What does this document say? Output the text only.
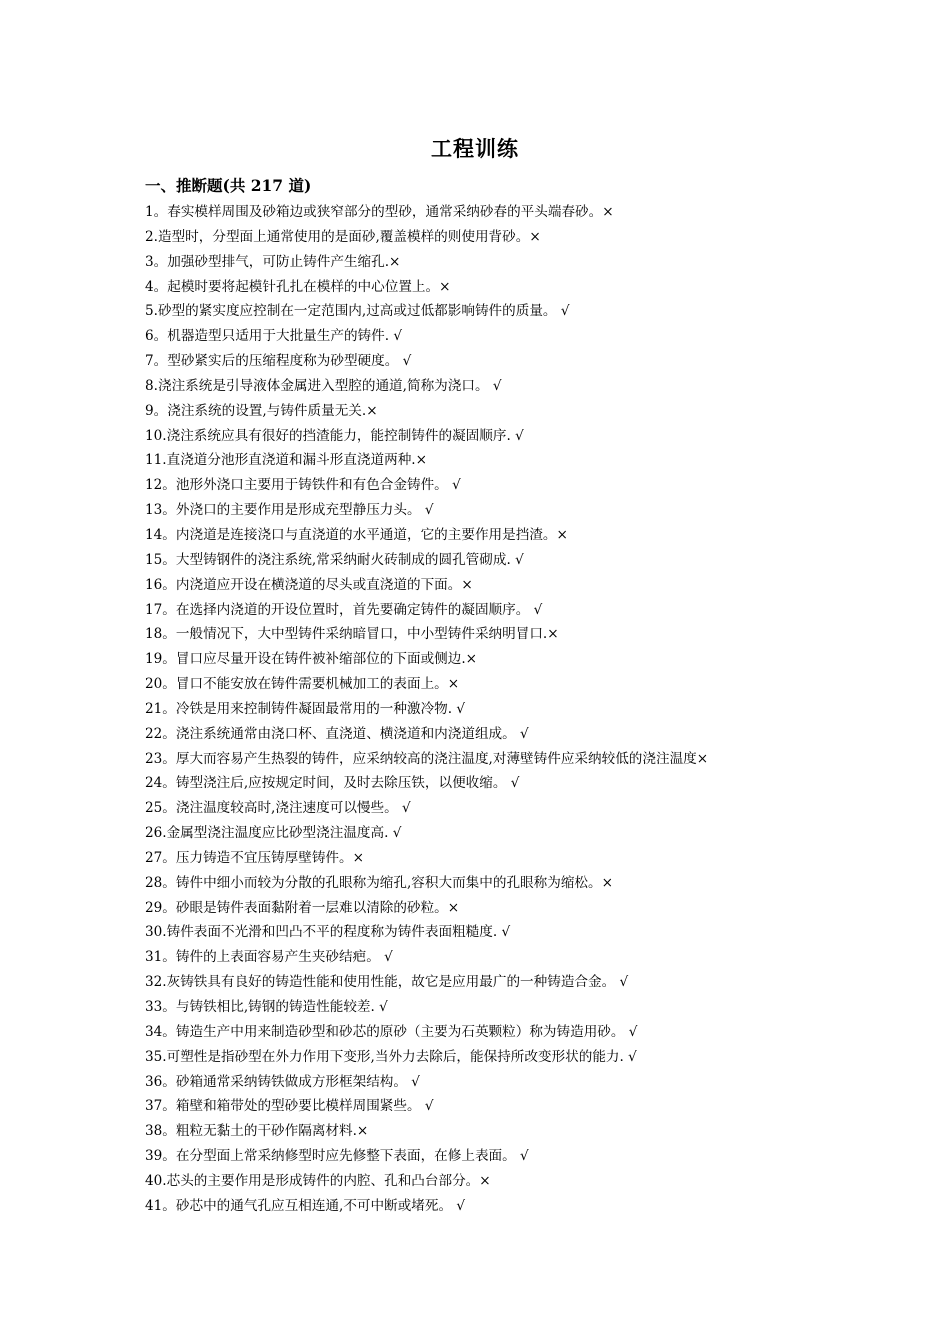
工程训练
一、推断题(共 217 道)
1。春实模样周围及砂箱边或狭窄部分的型砂，通常采纳砂春的平头端春砂。×
2.造型时，分型面上通常使用的是面砂,覆盖模样的则使用背砂。×
3。加强砂型排气，可防止铸件产生缩孔.×
4。起模时要将起模针孔扎在模样的中心位置上。×
5.砂型的紧实度应控制在一定范围内,过高或过低都影响铸件的质量。 √
6。机器造型只适用于大批量生产的铸件. √
7。型砂紧实后的压缩程度称为砂型硬度。 √
8.浇注系统是引导液体金属进入型腔的通道,简称为浇口。 √
9。浇注系统的设置,与铸件质量无关.×
10.浇注系统应具有很好的挡渣能力，能控制铸件的凝固顺序. √
11.直浇道分池形直浇道和漏斗形直浇道两种.×
12。池形外浇口主要用于铸铁件和有色合金铸件。 √
13。外浇口的主要作用是形成充型静压力头。 √
14。内浇道是连接浇口与直浇道的水平通道，它的主要作用是挡渣。×
15。大型铸钢件的浇注系统,常采纳耐火砖制成的圆孔管砌成. √
16。内浇道应开设在横浇道的尽头或直浇道的下面。×
17。在选择内浇道的开设位置时，首先要确定铸件的凝固顺序。 √
18。一般情况下，大中型铸件采纳暗冒口，中小型铸件采纳明冒口.×
19。冒口应尽量开设在铸件被补缩部位的下面或侧边.×
20。冒口不能安放在铸件需要机械加工的表面上。×
21。冷铁是用来控制铸件凝固最常用的一种激冷物. √
22。浇注系统通常由浇口杯、直浇道、横浇道和内浇道组成。 √
23。厚大而容易产生热裂的铸件，应采纳较高的浇注温度,对薄壁铸件应采纳较低的浇注温度×
24。铸型浇注后,应按规定时间，及时去除压铁，以便收缩。 √
25。浇注温度较高时,浇注速度可以慢些。 √
26.金属型浇注温度应比砂型浇注温度高. √
27。压力铸造不宜压铸厚壁铸件。×
28。铸件中细小而较为分散的孔眼称为缩孔,容积大而集中的孔眼称为缩松。×
29。砂眼是铸件表面黏附着一层难以清除的砂粒。×
30.铸件表面不光滑和凹凸不平的程度称为铸件表面粗糙度. √
31。铸件的上表面容易产生夹砂结疤。 √
32.灰铸铁具有良好的铸造性能和使用性能，故它是应用最广的一种铸造合金。 √
33。与铸铁相比,铸钢的铸造性能较差. √
34。铸造生产中用来制造砂型和砂芯的原砂（主要为石英颗粒）称为铸造用砂。 √
35.可塑性是指砂型在外力作用下变形,当外力去除后，能保持所改变形状的能力. √
36。砂箱通常采纳铸铁做成方形框架结构。 √
37。箱壁和箱带处的型砂要比模样周围紧些。 √
38。粗粒无黏土的干砂作隔离材料.×
39。在分型面上常采纳修型时应先修整下表面，在修上表面。 √
40.芯头的主要作用是形成铸件的内腔、孔和凸台部分。×
41。砂芯中的通气孔应互相连通,不可中断或堵死。 √
